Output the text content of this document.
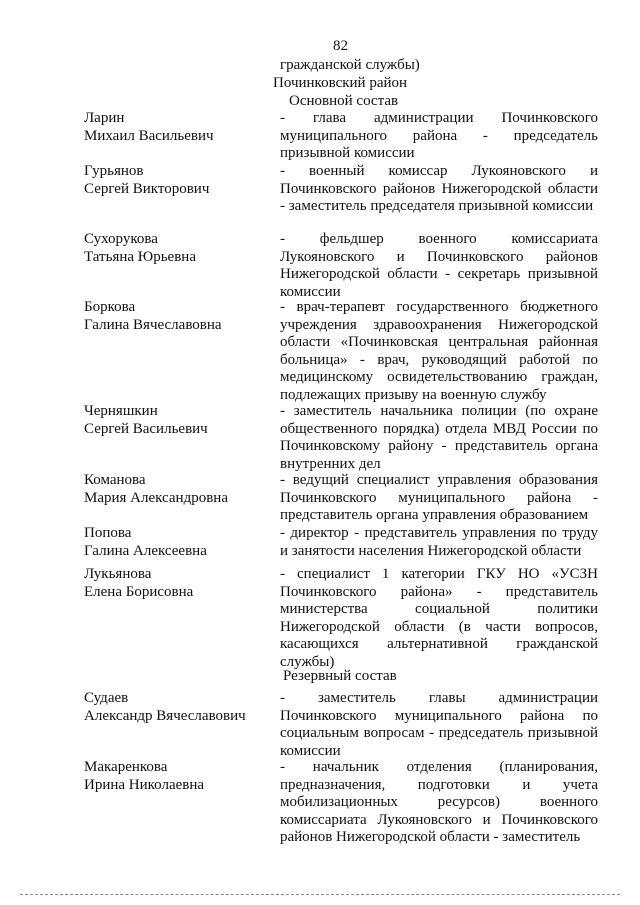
82
гражданской службы)
Починковский район
Основной состав
Ларин
Михаил Васильевич
- глава администрации Починковского муниципального района - председатель призывной комиссии
Гурьянов
Сергей Викторович
- военный комиссар Лукояновского и Починковского районов Нижегородской области - заместитель председателя призывной комиссии
Сухорукова
Татьяна Юрьевна
- фельдшер военного комиссариата Лукояновского и Починковского районов Нижегородской области - секретарь призывной комиссии
Боркова
Галина Вячеславовна
- врач-терапевт государственного бюджетного учреждения здравоохранения Нижегородской области «Починковская центральная районная больница» - врач, руководящий работой по медицинскому освидетельствованию граждан, подлежащих призыву на военную службу
Черняшкин
Сергей Васильевич
- заместитель начальника полиции (по охране общественного порядка) отдела МВД России по Починковскому району - представитель органа внутренних дел
Команова
Мария Александровна
- ведущий специалист управления образования Починковского муниципального района - представитель органа управления образованием
Попова
Галина Алексеевна
- директор - представитель управления по труду и занятости населения Нижегородской области
Лукьянова
Елена Борисовна
- специалист 1 категории ГКУ НО «УСЗН Починковского района» - представитель министерства социальной политики Нижегородской области (в части вопросов, касающихся альтернативной гражданской службы)
Резервный состав
Судаев
Александр Вячеславович
- заместитель главы администрации Починковского муниципального района по социальным вопросам - председатель призывной комиссии
Макаренкова
Ирина Николаевна
- начальник отделения (планирования, предназначения, подготовки и учета мобилизационных ресурсов) военного комиссариата Лукояновского и Починковского районов Нижегородской области - заместитель
